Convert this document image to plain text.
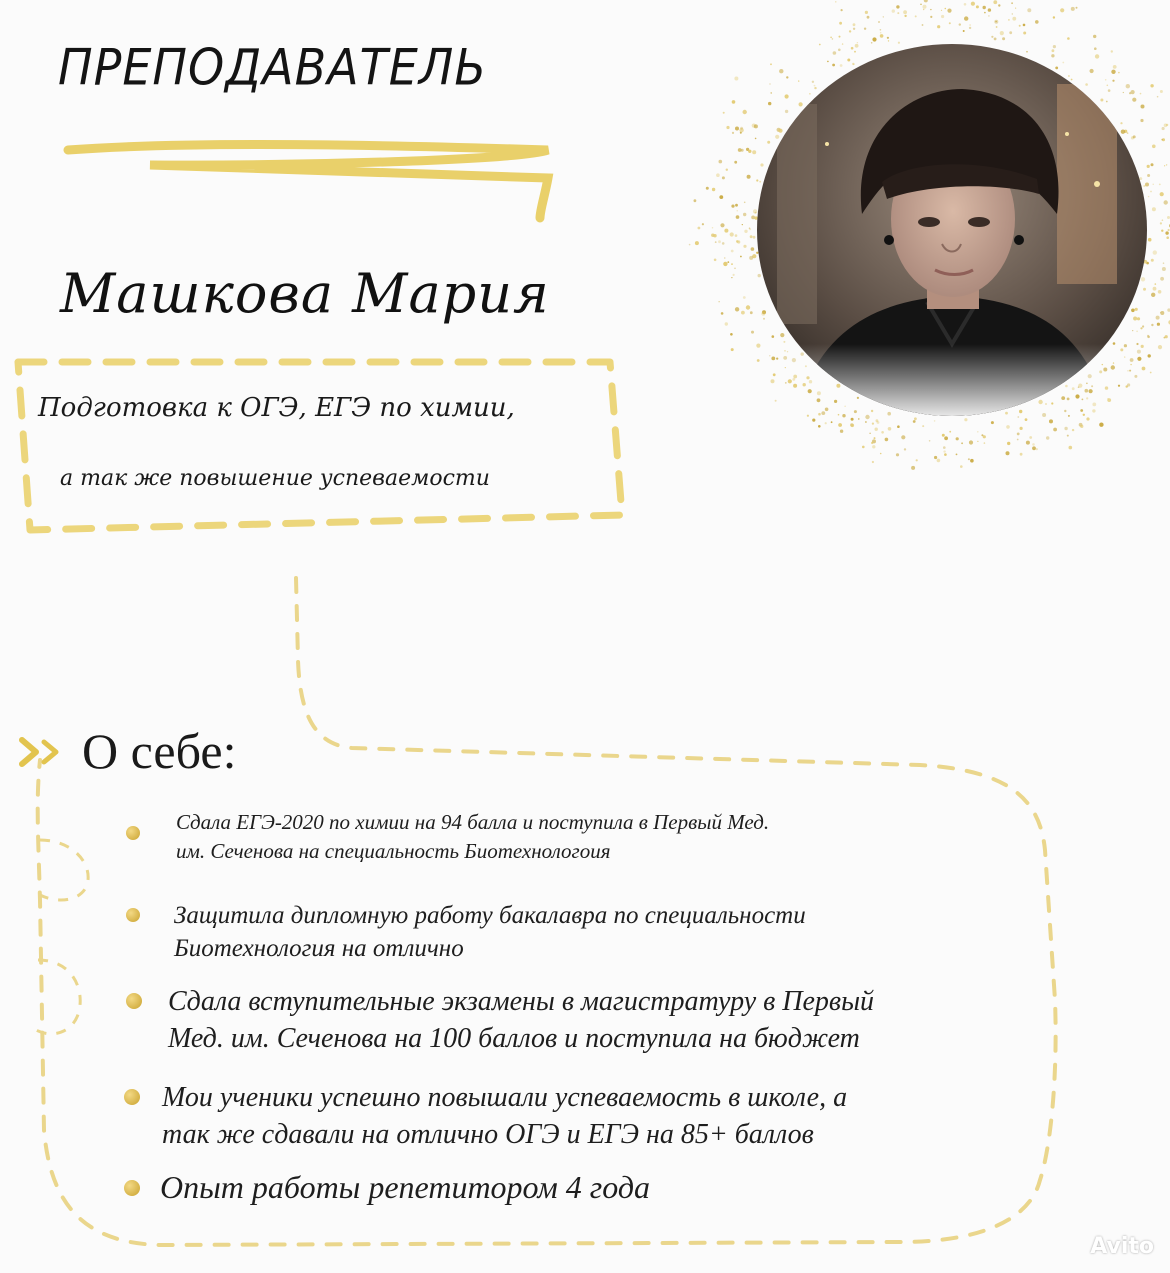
ПРЕПОДАВАТЕЛЬ
Машкова Мария
Подготовка к ОГЭ, ЕГЭ по химии,
а так же повышение успеваемости
О себе:
Сдала ЕГЭ-2020 по химии на 94 балла и поступила в Первый Мед.
им. Сеченова на специальность Биотехнологоия
Защитила дипломную работу бакалавра по специальности
Биотехнология на отлично
Сдала вступительные экзамены в магистратуру в Первый
Мед. им. Сеченова на 100 баллов и поступила на бюджет
Мои ученики успешно повышали успеваемость в школе, а
так же сдавали на отлично ОГЭ и ЕГЭ на 85+ баллов
Опыт работы репетитором 4 года
Avito
